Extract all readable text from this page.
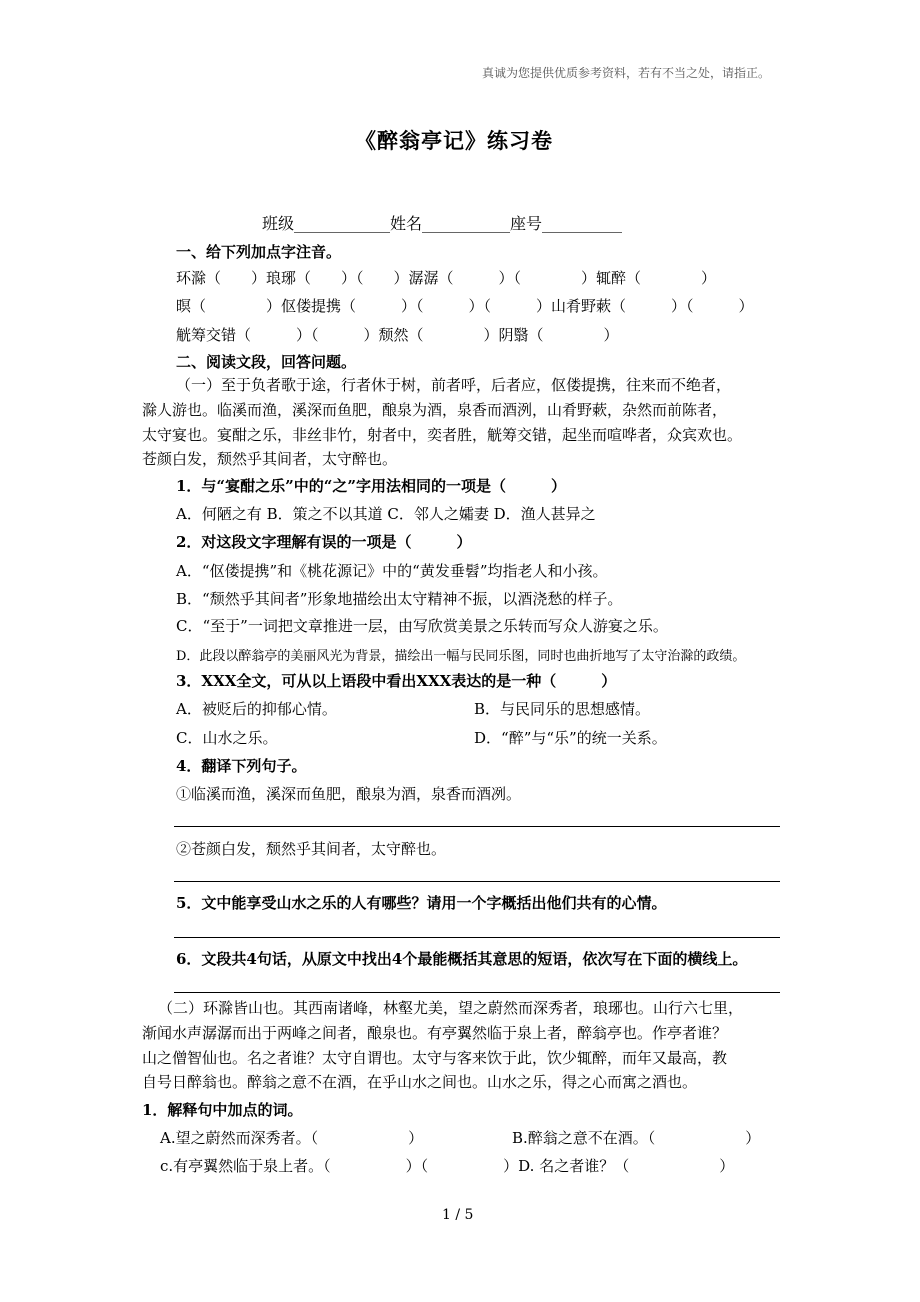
真诚为您提供优质参考资料，若有不当之处，请指正。
《醉翁亭记》练习卷
班级____________姓名___________座号__________
一、给下列加点字注音。
环滁（　　）琅琊（　　）（　　）潺潺（　　　）（　　　　）辄醉（　　　　）
暝（　　　　）伛偻提携（　　　）（　　　）（　　　）山肴野蔌（　　　）（　　　）
觥筹交错（　　　）（　　　）颓然（　　　　）阴翳（　　　　）
二、阅读文段，回答问题。
（一）至于负者歌于途，行者休于树，前者呼，后者应，伛偻提携，往来而不绝者，
滁人游也。临溪而渔，溪深而鱼肥，酿泉为酒，泉香而酒洌，山肴野蔌，杂然而前陈者，
太守宴也。宴酣之乐，非丝非竹，射者中，奕者胜，觥筹交错，起坐而喧哗者，众宾欢也。
苍颜白发，颓然乎其间者，太守醉也。
1．与“宴酣之乐”中的“之”字用法相同的一项是（　　　）
A．何陋之有 B．策之不以其道 C．邻人之孀妻 D．渔人甚异之
2．对这段文字理解有误的一项是（　　　）
A．“伛偻提携”和《桃花源记》中的“黄发垂髫”均指老人和小孩。
B．“颓然乎其间者”形象地描绘出太守精神不振，以酒浇愁的样子。
C．“至于”一词把文章推进一层，由写欣赏美景之乐转而写众人游宴之乐。
D．此段以醉翁亭的美丽风光为背景，描绘出一幅与民同乐图，同时也曲折地写了太守治滁的政绩。
3．XXX全文，可从以上语段中看出XXX表达的是一种（　　　）
A．被贬后的抑郁心情。	B．与民同乐的思想感情。
C．山水之乐。	D．“醉”与“乐”的统一关系。
4．翻译下列句子。
①临溪而渔，溪深而鱼肥，酿泉为酒，泉香而酒冽。
②苍颜白发，颓然乎其间者，太守醉也。
5．文中能享受山水之乐的人有哪些？请用一个字概括出他们共有的心情。
6．文段共4句话，从原文中找出4个最能概括其意思的短语，依次写在下面的横线上。
（二）环滁皆山也。其西南诸峰，林壑尤美，望之蔚然而深秀者，琅琊也。山行六七里，
渐闻水声潺潺而出于两峰之间者，酿泉也。有亭翼然临于泉上者，醉翁亭也。作亭者谁？
山之僧智仙也。名之者谁？太守自谓也。太守与客来饮于此，饮少辄醉，而年又最高，教
自号日醉翁也。醉翁之意不在酒，在乎山水之间也。山水之乐，得之心而寓之酒也。
1．解释句中加点的词。
A.望之蔚然而深秀者。（　　　　　　）	B.醉翁之意不在酒。（　　　　　　）
c.有亭翼然临于泉上者。（　　　　　）（　　　　　）D. 名之者谁？（　　　　　　）
1 / 5
